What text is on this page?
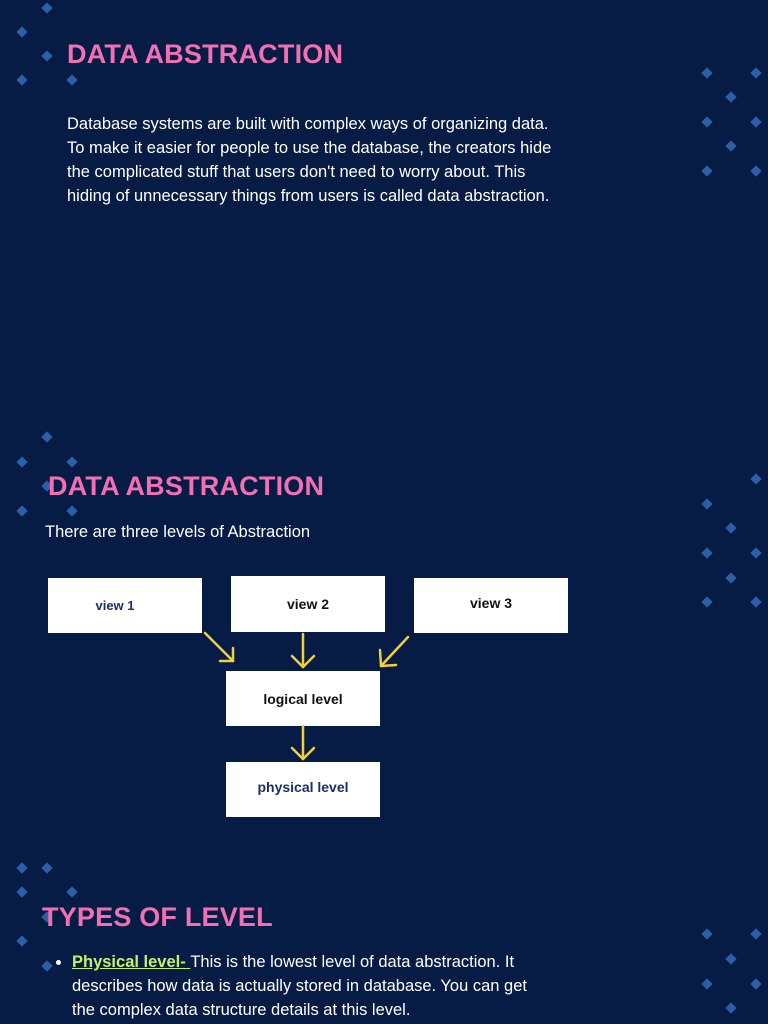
DATA ABSTRACTION

Database systems are built with complex ways of organizing data. To make it easier for people to use the database, the creators hide the complicated stuff that users don't need to worry about. This hiding of unnecessary things from users is called data abstraction.

DATA ABSTRACTION

There are three levels of Abstraction

view 1	view 2	view 3
logical level
physical level
TYPES OF LEVEL
• Physical level- This is the lowest level of data abstraction. It describes how data is actually stored in database. You can get the complex data structure details at this level.
